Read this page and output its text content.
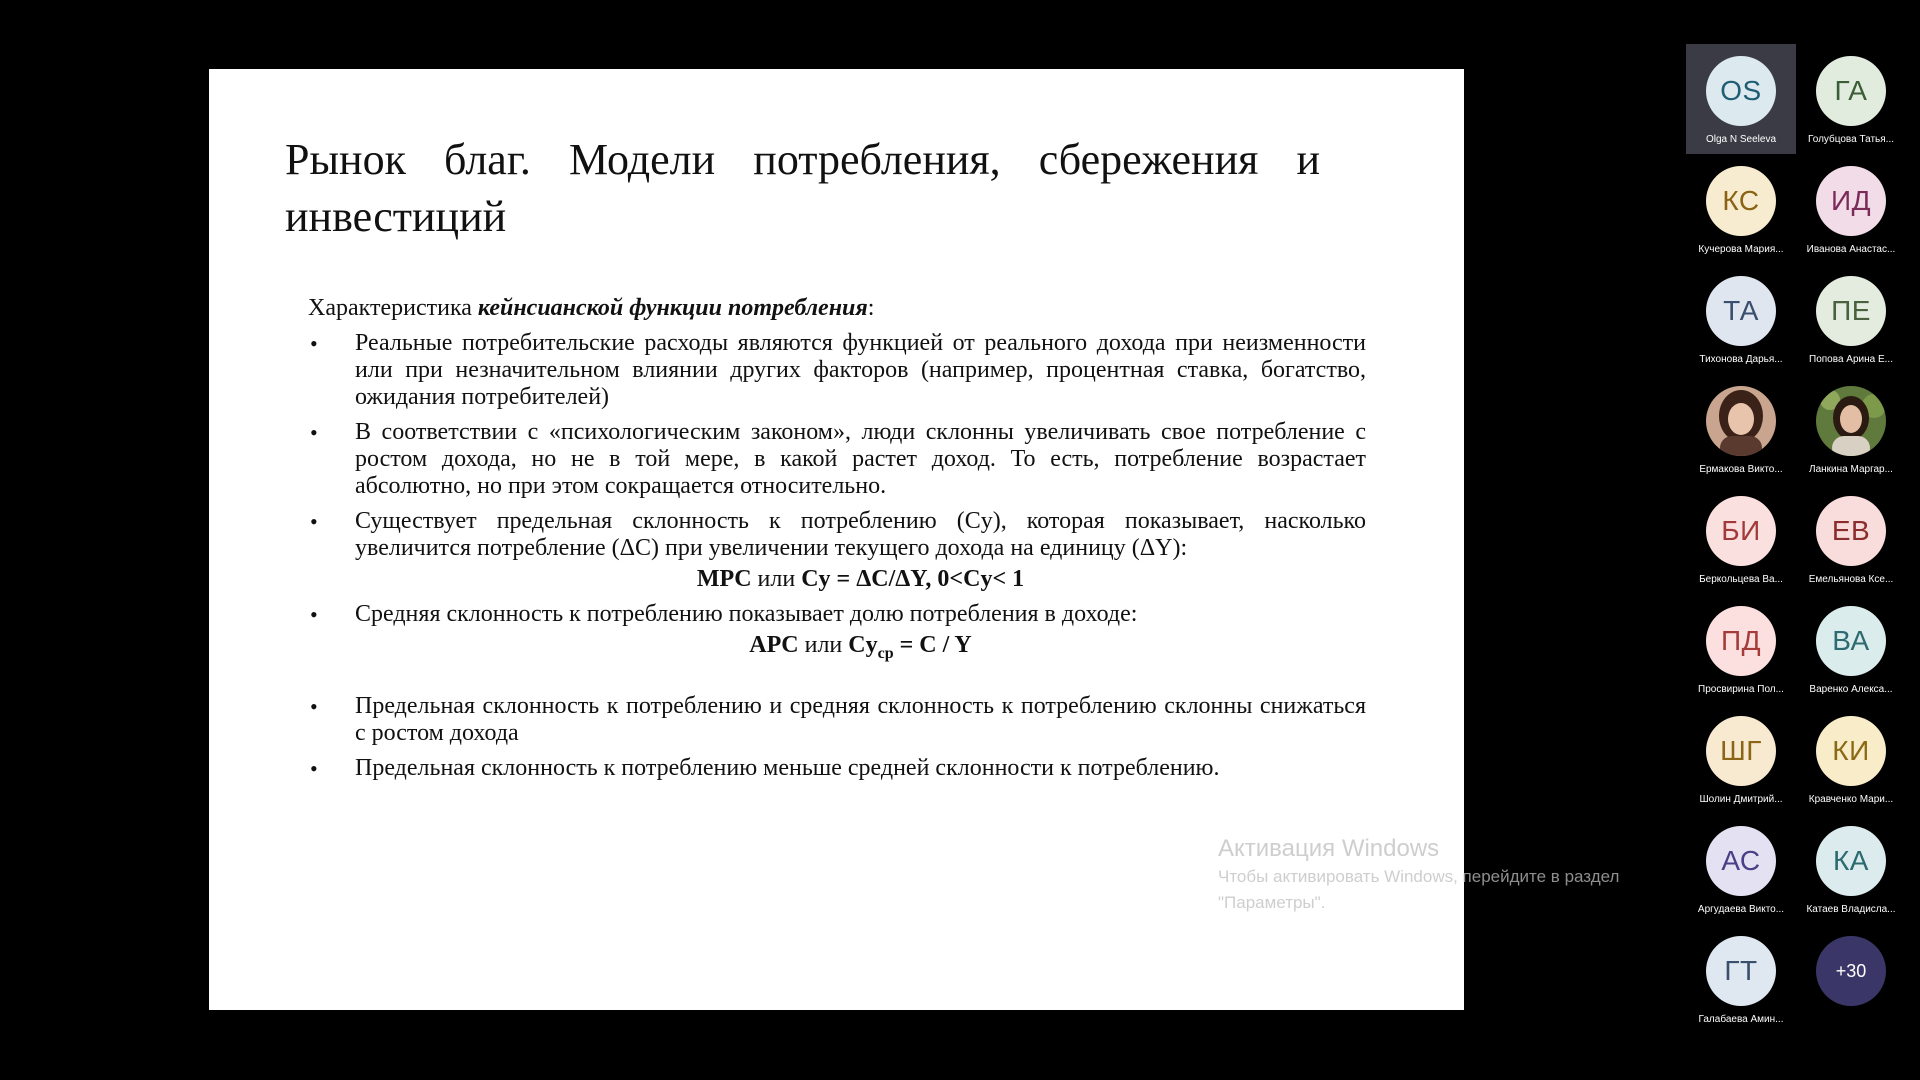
Рынок благ. Модели потребления, сбережения и инвестиций

Характеристика кейнсианской функции потребления:

• Реальные потребительские расходы являются функцией от реального дохода при неизменности или при незначительном влиянии других факторов (например, процентная ставка, богатство, ожидания потребителей)
• В соответствии с «психологическим законом», люди склонны увеличивать свое потребление с ростом дохода, но не в той мере, в какой растет доход. То есть, потребление возрастает абсолютно, но при этом сокращается относительно.
• Существует предельная склонность к потреблению (Cy), которая показывает, насколько увеличится потребление (ΔC) при увеличении текущего дохода на единицу (ΔY):
MPC или Cy = ΔC/ΔY, 0<Cy< 1
• Средняя склонность к потреблению показывает долю потребления в доходе:
APC или $Cy_{ср} = C / Y$
• Предельная склонность к потреблению и средняя склонность к потреблению склонны снижаться с ростом дохода
• Предельная склонность к потреблению меньше средней склонности к потреблению.
Активация Windows
Чтобы активировать Windows, перейдите в раздел "Параметры".
OS
Olga N Seeleva
ГА
Голубцова Татья...
КС
Кучерова Мария...
ИД
Иванова Анастас...
ТА
Тихонова Дарья...
ПЕ
Попова Арина Е...
Ермакова Викто...	Ланкина Маргар...
БИ
Беркольцева Ва...
ЕВ
Емельянова Ксе...
ПД
Просвирина Пол...
ВА
Варенко Алекса...
ШГ
Шолин Дмитрий...
КИ
Кравченко Мари...
АС
Аргудаева Викто...
КА
Катаев Владисла...
ГТ
Галабаева Амин...
+30
